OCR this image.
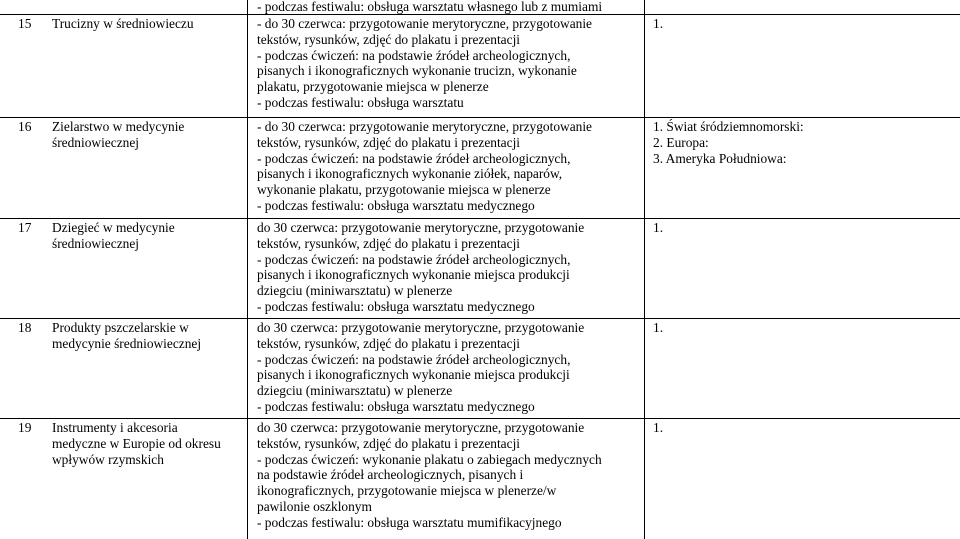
- podczas festiwalu: obsługa warsztatu własnego lub z mumiami
15 Trucizny w średniowieczu	- do 30 czerwca: przygotowanie merytoryczne, przygotowanie
tekstów, rysunków, zdjęć do plakatu i prezentacji
- podczas ćwiczeń: na podstawie źródeł archeologicznych,
pisanych i ikonograficznych wykonanie trucizn, wykonanie
plakatu, przygotowanie miejsca w plenerze
- podczas festiwalu: obsługa warsztatu
1.
16 Zielarstwo w medycynie
średniowiecznej
- do 30 czerwca: przygotowanie merytoryczne, przygotowanie
tekstów, rysunków, zdjęć do plakatu i prezentacji
- podczas ćwiczeń: na podstawie źródeł archeologicznych,
pisanych i ikonograficznych wykonanie ziółek, naparów,
wykonanie plakatu, przygotowanie miejsca w plenerze
- podczas festiwalu: obsługa warsztatu medycznego
1. Świat śródziemnomorski:
2. Europa:
3. Ameryka Południowa:
17 Dziegieć w medycynie
średniowiecznej
do 30 czerwca: przygotowanie merytoryczne, przygotowanie
tekstów, rysunków, zdjęć do plakatu i prezentacji
- podczas ćwiczeń: na podstawie źródeł archeologicznych,
pisanych i ikonograficznych wykonanie miejsca produkcji
dziegciu (miniwarsztatu) w plenerze
- podczas festiwalu: obsługa warsztatu medycznego
1.
18 Produkty pszczelarskie w
medycynie średniowiecznej
do 30 czerwca: przygotowanie merytoryczne, przygotowanie
tekstów, rysunków, zdjęć do plakatu i prezentacji
- podczas ćwiczeń: na podstawie źródeł archeologicznych,
pisanych i ikonograficznych wykonanie miejsca produkcji
dziegciu (miniwarsztatu) w plenerze
- podczas festiwalu: obsługa warsztatu medycznego
1.
19 Instrumenty i akcesoria
medyczne w Europie od okresu
wpływów rzymskich
do 30 czerwca: przygotowanie merytoryczne, przygotowanie
tekstów, rysunków, zdjęć do plakatu i prezentacji
- podczas ćwiczeń: wykonanie plakatu o zabiegach medycznych
na podstawie źródeł archeologicznych, pisanych i
ikonograficznych, przygotowanie miejsca w plenerze/w
pawilonie oszklonym
- podczas festiwalu: obsługa warsztatu mumifikacyjnego
1.
